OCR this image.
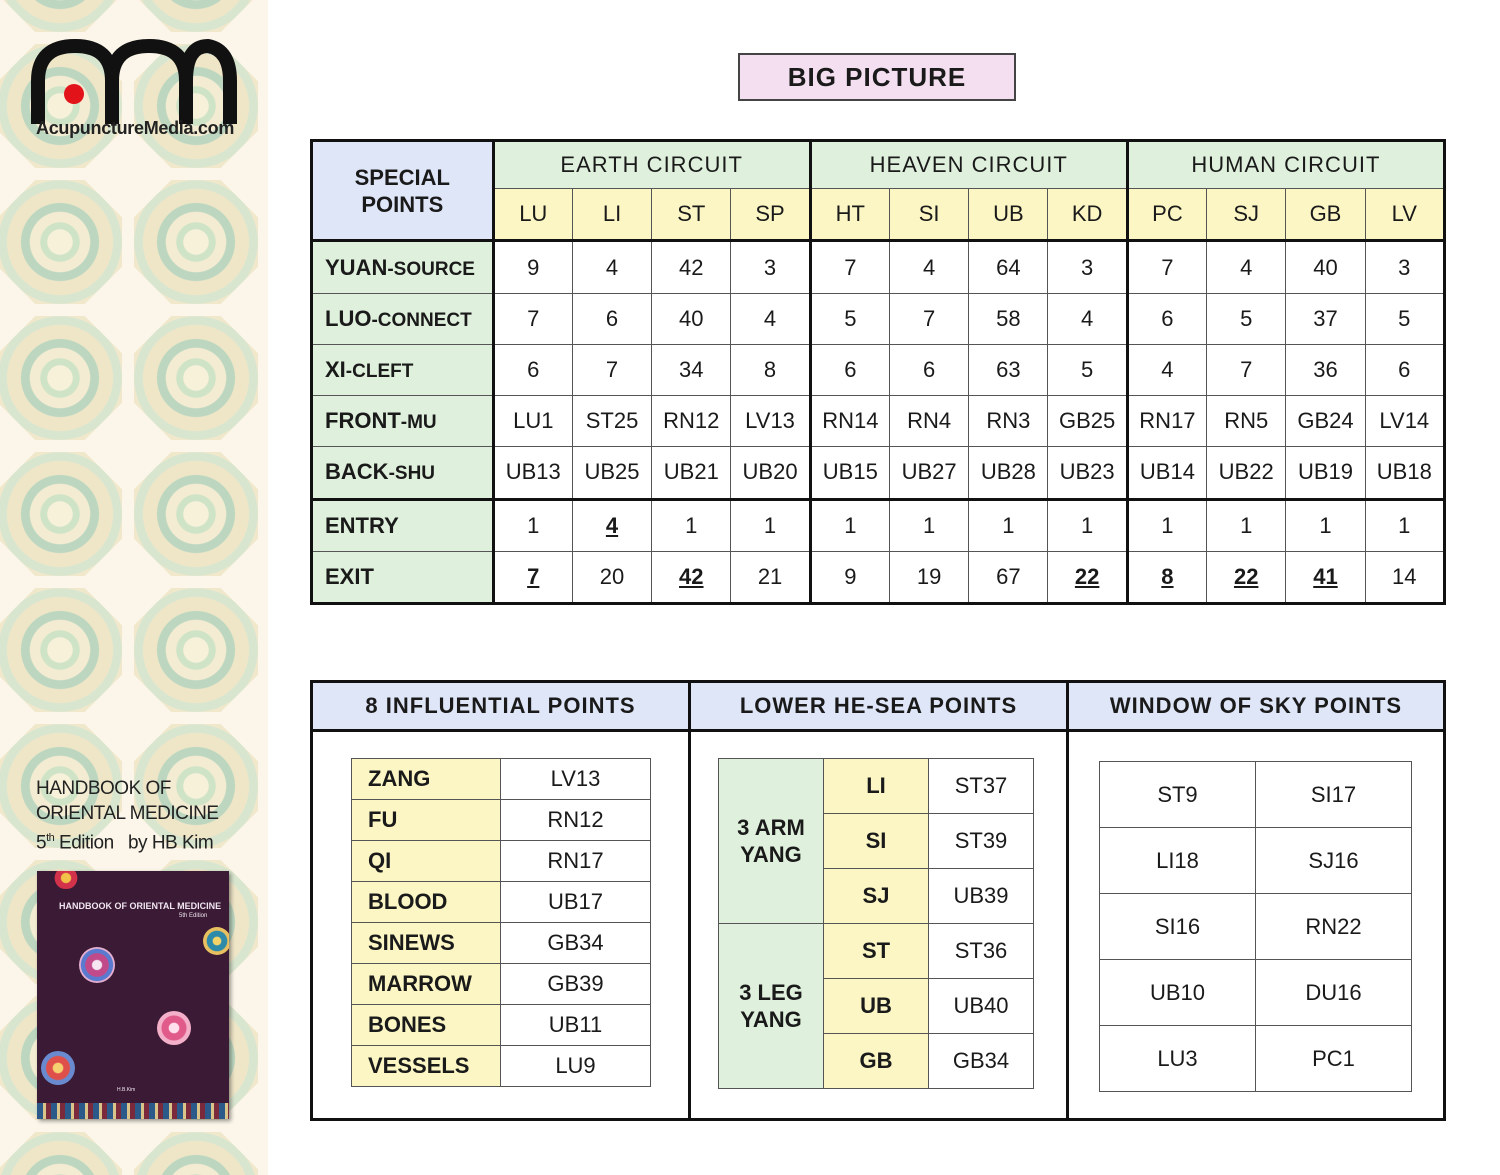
AcupunctureMedia.com
HANDBOOK OF
ORIENTAL MEDICINE
5th Edition   by HB Kim
HANDBOOK OF ORIENTAL MEDICINE
5th Edition
H.B.Kim
BIG PICTURE
SPECIAL
POINTS	EARTH CIRCUIT				HEAVEN CIRCUIT				HUMAN CIRCUIT			
	LU	LI	ST	SP	HT	SI	UB	KD	PC	SJ	GB	LV
YUAN-SOURCE	9	4	42	3	7	4	64	3	7	4	40	3
LUO-CONNECT	7	6	40	4	5	7	58	4	6	5	37	5
XI-CLEFT	6	7	34	8	6	6	63	5	4	7	36	6
FRONT-MU	LU1	ST25	RN12	LV13	RN14	RN4	RN3	GB25	RN17	RN5	GB24	LV14
BACK-SHU	UB13	UB25	UB21	UB20	UB15	UB27	UB28	UB23	UB14	UB22	UB19	UB18
ENTRY	1	4	1	1	1	1	1	1	1	1	1	1
EXIT	7	20	42	21	9	19	67	22	8	22	41	14
8 INFLUENTIAL POINTS
ZANG	LV13
FU	RN12
QI	RN17
BLOOD	UB17
SINEWS	GB34
MARROW	GB39
BONES	UB11
VESSELS	LU9
LOWER HE-SEA POINTS
3 ARM
YANG	LI	ST37
	SI	ST39
	SJ	UB39

3 LEG
YANG	ST	ST36
	UB	UB40
	GB	GB34
WINDOW OF SKY POINTS
ST9	SI17
LI18	SJ16
SI16	RN22
UB10	DU16
LU3	PC1
